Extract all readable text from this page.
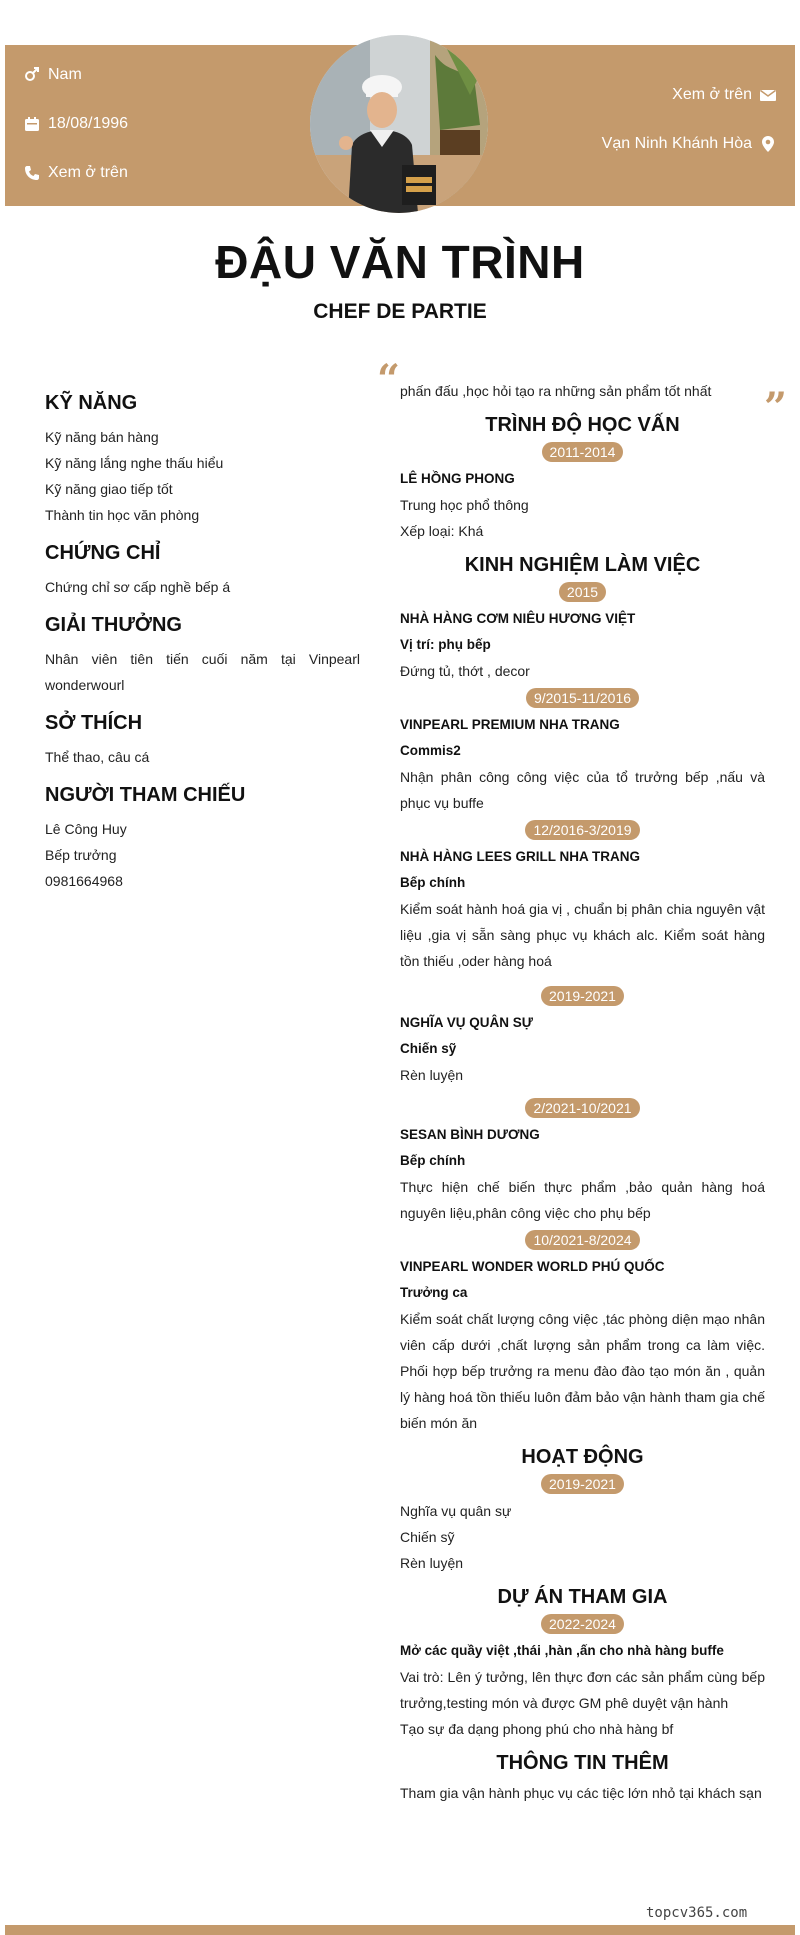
Nam
18/08/1996
Xem ở trên
Xem ở trên
Vạn Ninh Khánh Hòa
ĐẬU VĂN TRÌNH
CHEF DE PARTIE
KỸ NĂNG
Kỹ năng bán hàng
Kỹ năng lắng nghe thấu hiểu
Kỹ năng giao tiếp tốt
Thành tin học văn phòng
CHỨNG CHỈ
Chứng chỉ sơ cấp nghề bếp á
GIẢI THƯỞNG
Nhân viên tiên tiến cuối năm tại Vinpearl
wonderwourl
SỞ THÍCH
Thể thao, câu cá
NGƯỜI THAM CHIẾU
Lê Công Huy
Bếp trưởng
0981664968
“
”
phấn đấu ,học hỏi tạo ra những sản phẩm tốt nhất
TRÌNH ĐỘ HỌC VẤN
2011-2014
LÊ HỒNG PHONG
Trung học phổ thông
Xếp loại: Khá
KINH NGHIỆM LÀM VIỆC
2015
NHÀ HÀNG CƠM NIÊU HƯƠNG VIỆT
Vị trí: phụ bếp
Đứng tủ, thớt , decor
9/2015-11/2016
VINPEARL PREMIUM NHA TRANG
Commis2
Nhận phân công công việc của tổ trưởng bếp ,nấu và phục vụ buffe
12/2016-3/2019
NHÀ HÀNG LEES GRILL NHA TRANG
Bếp chính
Kiểm soát hành hoá gia vị , chuẩn bị phân chia nguyên vật liệu ,gia vị sẵn sàng phục vụ khách alc. Kiểm soát hàng tồn thiếu ,oder hàng hoá
2019-2021
NGHĨA VỤ QUÂN SỰ
Chiến sỹ
Rèn luyện
2/2021-10/2021
SESAN BÌNH DƯƠNG
Bếp chính
Thực hiện chế biến thực phẩm ,bảo quản hàng hoá nguyên liệu,phân công việc cho phụ bếp
10/2021-8/2024
VINPEARL WONDER WORLD PHÚ QUỐC
Trưởng ca
Kiểm soát chất lượng công việc ,tác phòng diện mạo nhân viên cấp dưới ,chất lượng sản phẩm trong ca làm việc. Phối hợp bếp trưởng ra menu đào đào tạo món ăn , quản lý hàng hoá tồn thiếu luôn đảm bảo vận hành tham gia chế biến món ăn
HOẠT ĐỘNG
2019-2021
Nghĩa vụ quân sự
Chiến sỹ
Rèn luyện
DỰ ÁN THAM GIA
2022-2024
Mở các quầy việt ,thái ,hàn ,ấn cho nhà hàng buffe
Vai trò: Lên ý tưởng, lên thực đơn các sản phẩm cùng bếp trưởng,testing món và được GM phê duyệt vận hành
Tạo sự đa dạng phong phú cho nhà hàng bf
THÔNG TIN THÊM
Tham gia vận hành phục vụ các tiệc lớn nhỏ tại khách sạn
topcv365.com
